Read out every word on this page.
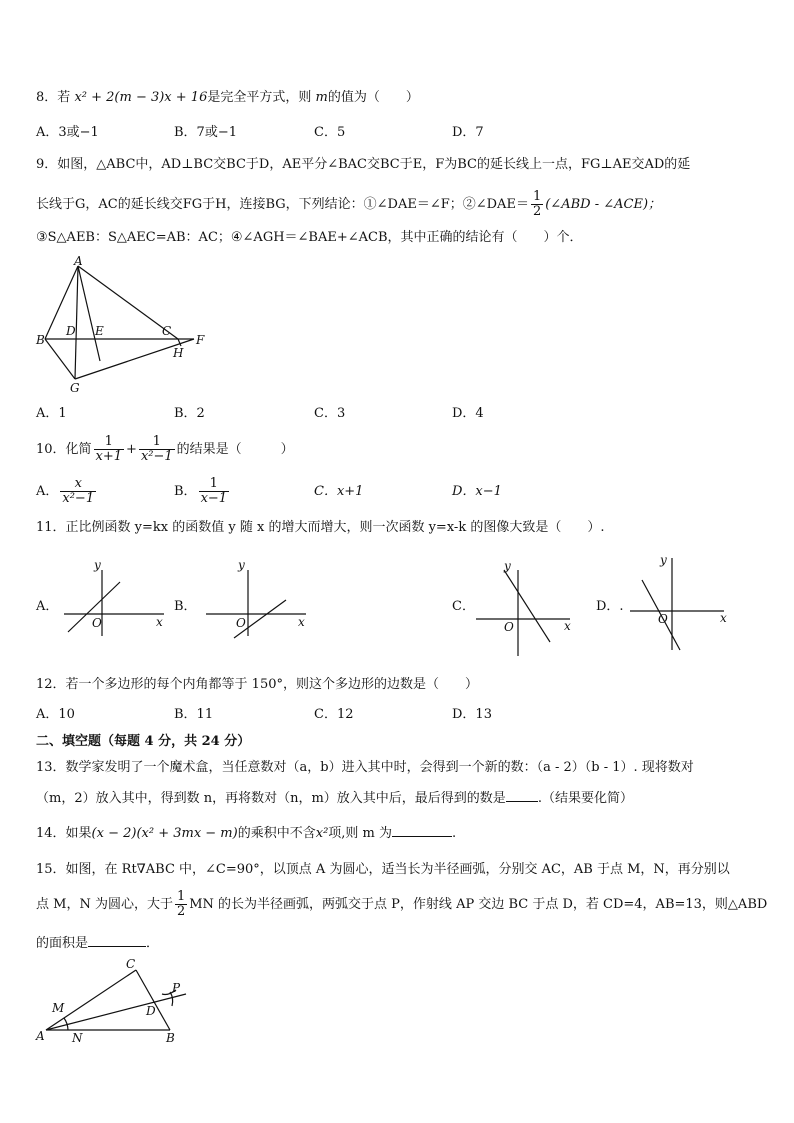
8．若 x² + 2(m − 3)x + 16是完全平方式，则 m的值为（　　）
A．3或−1	B．7或−1	C．5	D．7
9．如图，△ABC中，AD⊥BC交BC于D，AE平分∠BAC交BC于E，F为BC的延长线上一点，FG⊥AE交AD的延
长线于G，AC的延长线交FG于H，连接BG，下列结论：①∠DAE＝∠F；②∠DAE＝ $\frac{1}{2}$ (∠ABD - ∠ACE)；
③S△AEB：S△AEC=AB：AC；④∠AGH＝∠BAE+∠ACB，其中正确的结论有（　　）个．
A
B
D E	C
F
H
G
A．1	B．2	C．3	D．4
10．化简 $\frac{1}{x+1} + \frac{1}{\text{x²−1}}$ 的结果是（　　　）
A． $\frac{x}{\text{x²−1}}$	B． $\frac{1}{x-1}$	C．x+1	D．x−1
11．正比例函数 y=kx 的函数值 y 随 x 的增大而增大，则一次函数 y=x-k 的图像大致是（　　）.
A．
y
x
O
B．
y
x
O
C．
y
x
O
D．.
y
x
O
12．若一个多边形的每个内角都等于 150°，则这个多边形的边数是（　　）
A．10	B．11	C．12	D．13
二、填空题（每题 4 分，共 24 分）
13．数学家发明了一个魔术盒，当任意数对（a，b）进入其中时，会得到一个新的数：（a - 2）（b - 1）. 现将数对
（m，2）放入其中，得到数 n，再将数对（n，m）放入其中后，最后得到的数是 .（结果要化简）
14．如果(x − 2)(x² + 3mx − m)的乘积中不含x²项,则 m 为	.
15．如图，在 Rt∇ABC 中，∠C=90°，以顶点 A 为圆心，适当长为半径画弧，分别交 AC，AB 于点 M，N，再分别以
点 M，N 为圆心，大于 $\frac{1}{2}$ MN 的长为半径画弧，两弧交于点 P，作射线 AP 交边 BC 于点 D，若 CD=4，AB=13，则△ABD
的面积是	．
C
P
M	D
A N	B
